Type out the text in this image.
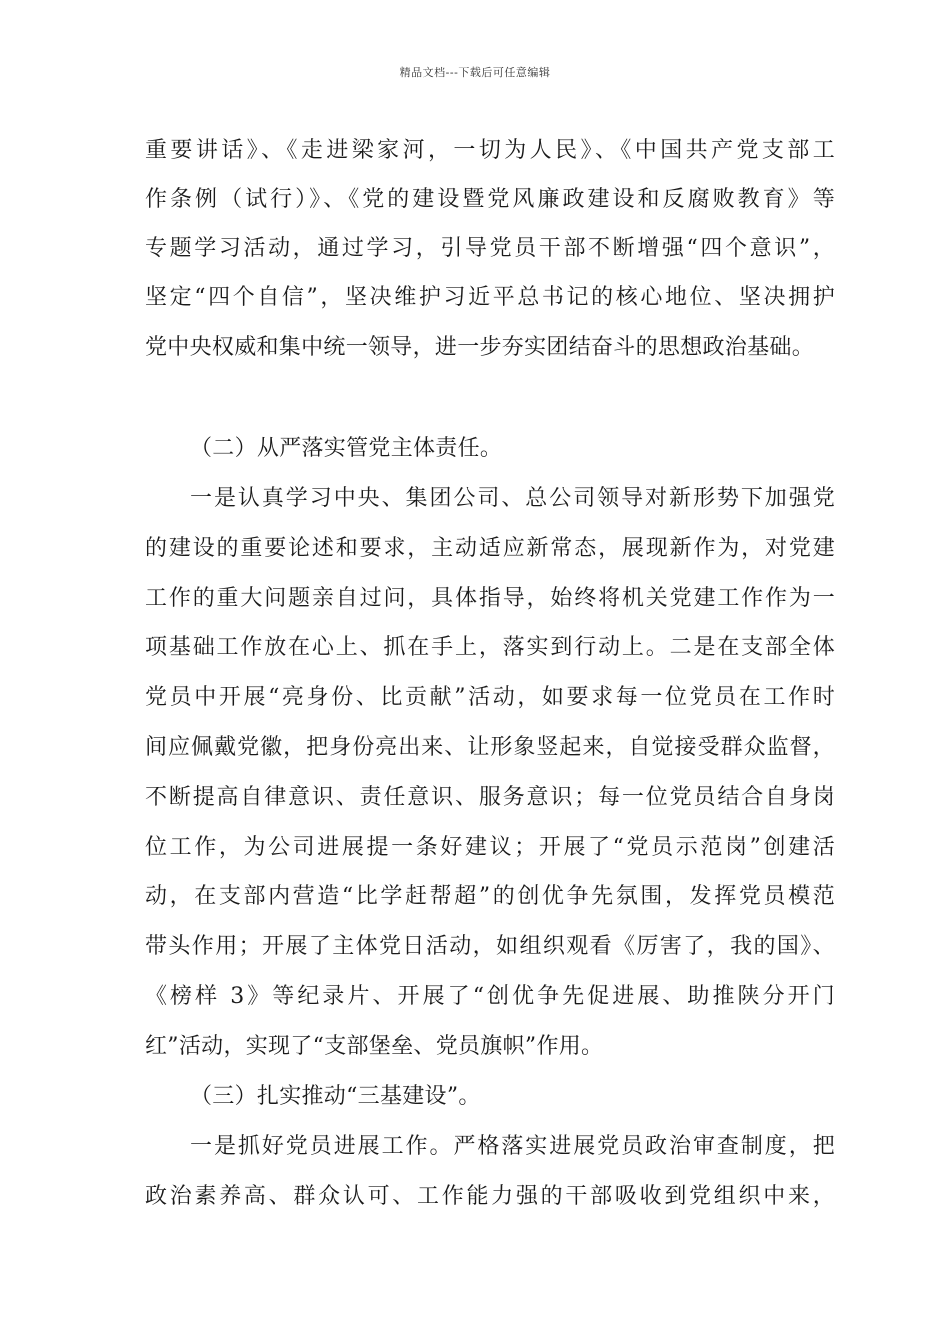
精品文档---下载后可任意编辑
重要讲话》、《走进梁家河，一切为人民》、《中国共产党支部工
作条例（试行）》、《党的建设暨党风廉政建设和反腐败教育》等
专题学习活动，通过学习，引导党员干部不断增强“四个意识”，
坚定“四个自信”，坚决维护习近平总书记的核心地位、坚决拥护
党中央权威和集中统一领导，进一步夯实团结奋斗的思想政治基础。
（二）从严落实管党主体责任。
一是认真学习中央、集团公司、总公司领导对新形势下加强党
的建设的重要论述和要求，主动适应新常态，展现新作为，对党建
工作的重大问题亲自过问，具体指导，始终将机关党建工作作为一
项基础工作放在心上、抓在手上，落实到行动上。二是在支部全体
党员中开展“亮身份、比贡献”活动，如要求每一位党员在工作时
间应佩戴党徽，把身份亮出来、让形象竖起来，自觉接受群众监督，
不断提高自律意识、责任意识、服务意识；每一位党员结合自身岗
位工作，为公司进展提一条好建议；开展了“党员示范岗”创建活
动，在支部内营造“比学赶帮超”的创优争先氛围，发挥党员模范
带头作用；开展了主体党日活动，如组织观看《厉害了，我的国》、
《榜样 3》等纪录片、开展了“创优争先促进展、助推陕分开门
红”活动，实现了“支部堡垒、党员旗帜”作用。
（三）扎实推动“三基建设”。
一是抓好党员进展工作。严格落实进展党员政治审查制度，把
政治素养高、群众认可、工作能力强的干部吸收到党组织中来，
